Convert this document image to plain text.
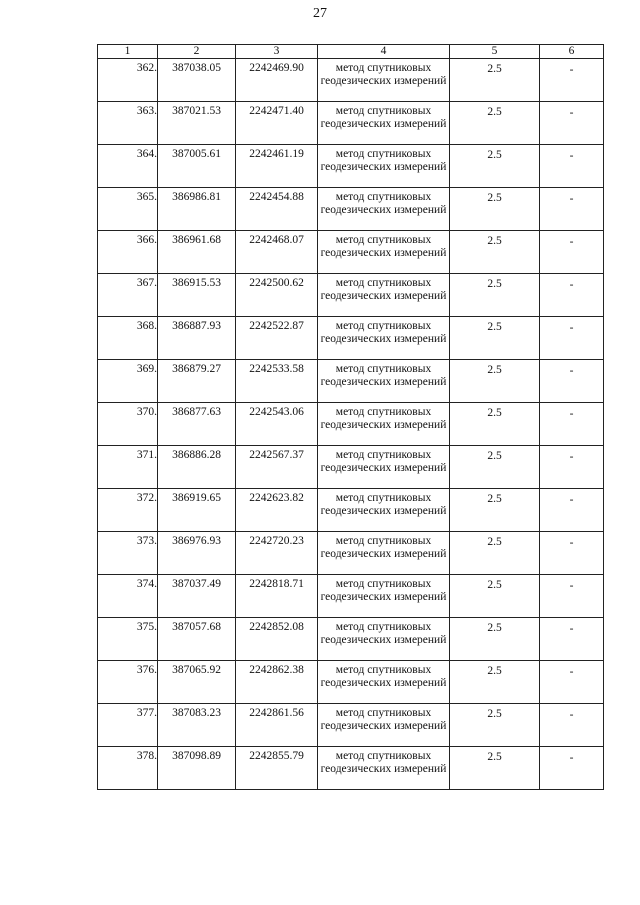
27
1	2	3	4	5	6
362.	387038.05	2242469.90	метод спутниковых геодезических измерений	2.5	-
363.	387021.53	2242471.40	метод спутниковых геодезических измерений	2.5	-
364.	387005.61	2242461.19	метод спутниковых геодезических измерений	2.5	-
365.	386986.81	2242454.88	метод спутниковых геодезических измерений	2.5	-
366.	386961.68	2242468.07	метод спутниковых геодезических измерений	2.5	-
367.	386915.53	2242500.62	метод спутниковых геодезических измерений	2.5	-
368.	386887.93	2242522.87	метод спутниковых геодезических измерений	2.5	-
369.	386879.27	2242533.58	метод спутниковых геодезических измерений	2.5	-
370.	386877.63	2242543.06	метод спутниковых геодезических измерений	2.5	-
371.	386886.28	2242567.37	метод спутниковых геодезических измерений	2.5	-
372.	386919.65	2242623.82	метод спутниковых геодезических измерений	2.5	-
373.	386976.93	2242720.23	метод спутниковых геодезических измерений	2.5	-
374.	387037.49	2242818.71	метод спутниковых геодезических измерений	2.5	-
375.	387057.68	2242852.08	метод спутниковых геодезических измерений	2.5	-
376.	387065.92	2242862.38	метод спутниковых геодезических измерений	2.5	-
377.	387083.23	2242861.56	метод спутниковых геодезических измерений	2.5	-
378.	387098.89	2242855.79	метод спутниковых геодезических измерений	2.5	-
